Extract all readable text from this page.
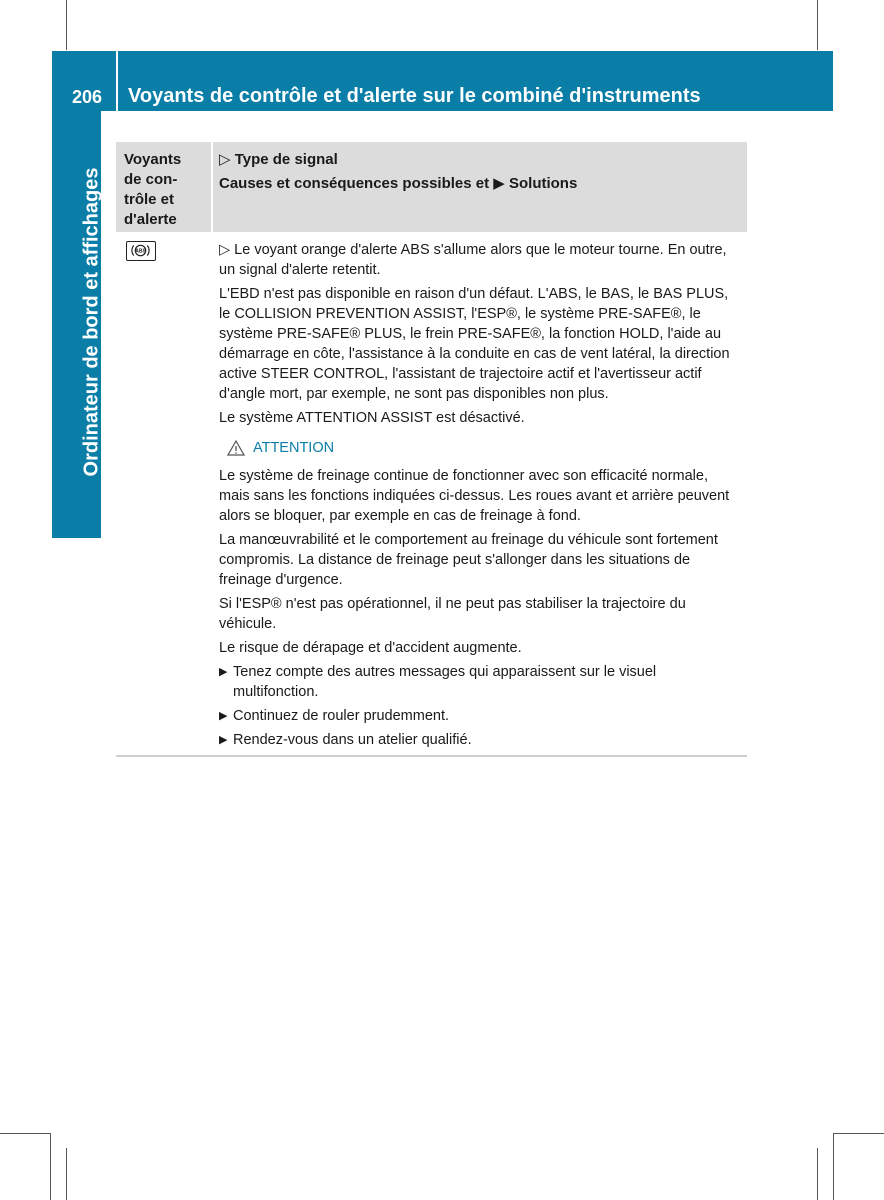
206 Voyants de contrôle et d'alerte sur le combiné d'instruments
Ordinateur de bord et affichages
Voyants
de con-
trôle et
d'alerte
▷ Type de signal
Causes et conséquences possibles et ▶ Solutions
ABS	▷ Le voyant orange d'alerte ABS s'allume alors que le moteur tourne. En outre, un signal d'alerte retentit.

L'EBD n'est pas disponible en raison d'un défaut. L'ABS, le BAS, le BAS PLUS, le COLLISION PREVENTION ASSIST, l'ESP®, le système PRE-SAFE®, le système PRE-SAFE® PLUS, le frein PRE-SAFE®, la fonction HOLD, l'aide au démarrage en côte, l'assistance à la conduite en cas de vent latéral, la direction active STEER CONTROL, l'assistant de trajectoire actif et l'avertisseur actif d'angle mort, par exemple, ne sont pas disponibles non plus.

Le système ATTENTION ASSIST est désactivé.

ATTENTION

Le système de freinage continue de fonctionner avec son efficacité normale, mais sans les fonctions indiquées ci-dessus. Les roues avant et arrière peuvent alors se bloquer, par exemple en cas de freinage à fond.

La manœuvrabilité et le comportement au freinage du véhicule sont fortement compromis. La distance de freinage peut s'allonger dans les situations de freinage d'urgence.

Si l'ESP® n'est pas opérationnel, il ne peut pas stabiliser la trajectoire du véhicule.

Le risque de dérapage et d'accident augmente.

▶ Tenez compte des autres messages qui apparaissent sur le visuel multifonction.
▶ Continuez de rouler prudemment.
▶ Rendez-vous dans un atelier qualifié.
